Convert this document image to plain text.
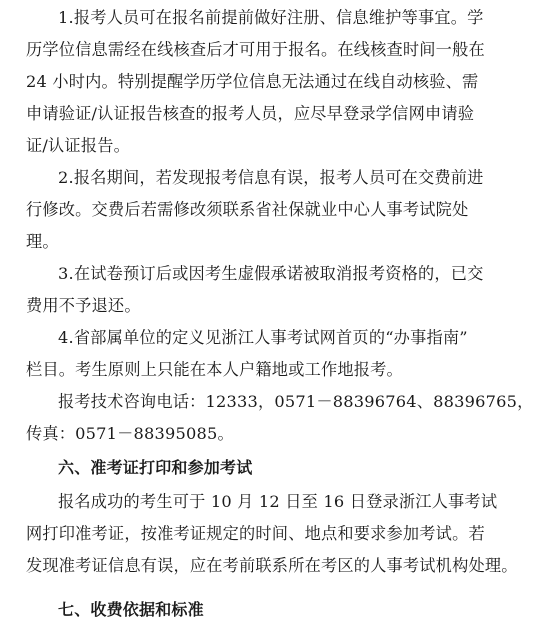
1.报考人员可在报名前提前做好注册、信息维护等事宜。学
历学位信息需经在线核查后才可用于报名。在线核查时间一般在
24 小时内。特别提醒学历学位信息无法通过在线自动核验、需
申请验证/认证报告核查的报考人员，应尽早登录学信网申请验
证/认证报告。
2.报名期间，若发现报考信息有误，报考人员可在交费前进
行修改。交费后若需修改须联系省社保就业中心人事考试院处
理。
3.在试卷预订后或因考生虚假承诺被取消报考资格的，已交
费用不予退还。
4.省部属单位的定义见浙江人事考试网首页的“办事指南”
栏目。考生原则上只能在本人户籍地或工作地报考。
报考技术咨询电话：12333，0571－88396764、88396765，
传真：0571－88395085。
六、准考证打印和参加考试
报名成功的考生可于 10 月 12 日至 16 日登录浙江人事考试
网打印准考证，按准考证规定的时间、地点和要求参加考试。若
发现准考证信息有误，应在考前联系所在考区的人事考试机构处理。
七、收费依据和标准
